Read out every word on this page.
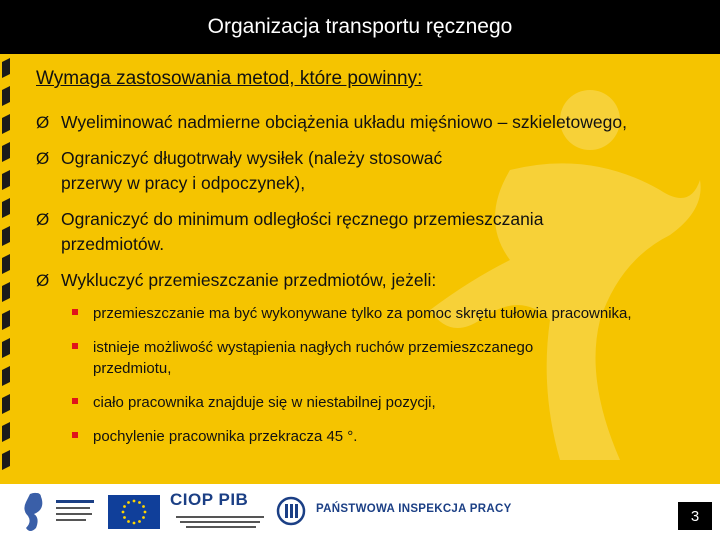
Organizacja transportu ręcznego
Wymaga zastosowania metod, które powinny:
Ø Wyeliminować nadmierne obciążenia układu mięśniowo – szkieletowego,
Ø Ograniczyć długotrwały wysiłek (należy stosować przerwy w pracy i odpoczynek),
Ø Ograniczyć do minimum odległości ręcznego przemieszczania przedmiotów.
Ø Wykluczyć przemieszczanie przedmiotów, jeżeli:
przemieszczanie ma być wykonywane tylko za pomoc skrętu tułowia pracownika,
istnieje możliwość wystąpienia nagłych ruchów przemieszczanego przedmiotu,
ciało pracownika znajduje się w niestabilnej pozycji,
pochylenie pracownika przekracza 45 °.
CIOP PIB	PAŃSTWOWA INSPEKCJA PRACY	3
